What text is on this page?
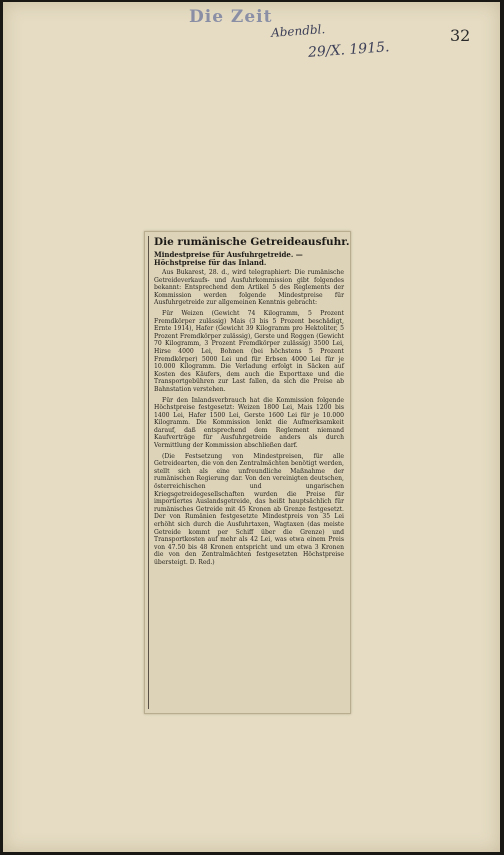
Die Zeit
Abendbl.
29/X. 1915.
32
Die rumänische Getreideausfuhr.
Mindestpreise für Ausfuhrgetreide. — Höchstpreise für das Inland.

Aus Bukarest, 28. d., wird telegraphiert: Die rumänische Getreideverkaufs- und Ausfuhrkommission gibt folgendes bekannt: Entsprechend dem Artikel 5 des Reglements der Kommission werden folgende Mindestpreise für Ausfuhrgetreide zur allgemeinen Kenntnis gebracht:

Für Weizen (Gewicht 74 Kilogramm, 5 Prozent Fremdkörper zulässig) Mais (3 bis 5 Prozent beschädigt, Ernte 1914), Hafer (Gewicht 39 Kilogramm pro Hektoliter, 5 Prozent Fremdkörper zulässig), Gerste und Roggen (Gewicht 70 Kilogramm, 3 Prozent Fremdkörper zulässig) 3500 Lei, Hirse 4000 Lei, Bohnen (bei höchstens 5 Prozent Fremdkörper) 5000 Lei und für Erbsen 4000 Lei für je 10.000 Kilogramm. Die Verladung erfolgt in Säcken auf Kosten des Käufers, dem auch die Exporttaxe und die Transportgebühren zur Last fallen, da sich die Preise ab Bahnstation verstehen.

Für den Inlandsverbrauch hat die Kommission folgende Höchstpreise festgesetzt: Weizen 1800 Lei, Mais 1200 bis 1400 Lei, Hafer 1500 Lei, Gerste 1600 Lei für je 10.000 Kilogramm. Die Kommission lenkt die Aufmerksamkeit darauf, daß entsprechend dem Reglement niemand Kaufverträge für Ausfuhrgetreide anders als durch Vermittlung der Kommission abschließen darf.

(Die Festsetzung von Mindestpreisen, für alle Getreidearten, die von den Zentralmächten benötigt werden, stellt sich als eine unfreundliche Maßnahme der rumänischen Regierung dar. Von den vereinigten deutschen, österreichischen und ungarischen Kriegsgetreidegesellschaften wurden die Preise für importiertes Auslandsgetreide, das heißt hauptsächlich für rumänisches Getreide mit 45 Kronen ab Grenze festgesetzt. Der von Rumänien festgesetzte Mindestpreis von 35 Lei erhöht sich durch die Ausfuhrtaxen, Wagtaxen (das meiste Getreide kommt per Schiff über die Grenze) und Transportkosten auf mehr als 42 Lei, was etwa einem Preis von 47.50 bis 48 Kronen entspricht und um etwa 3 Kronen die von den Zentralmächten festgesetzten Höchstpreise übersteigt. D. Red.)
